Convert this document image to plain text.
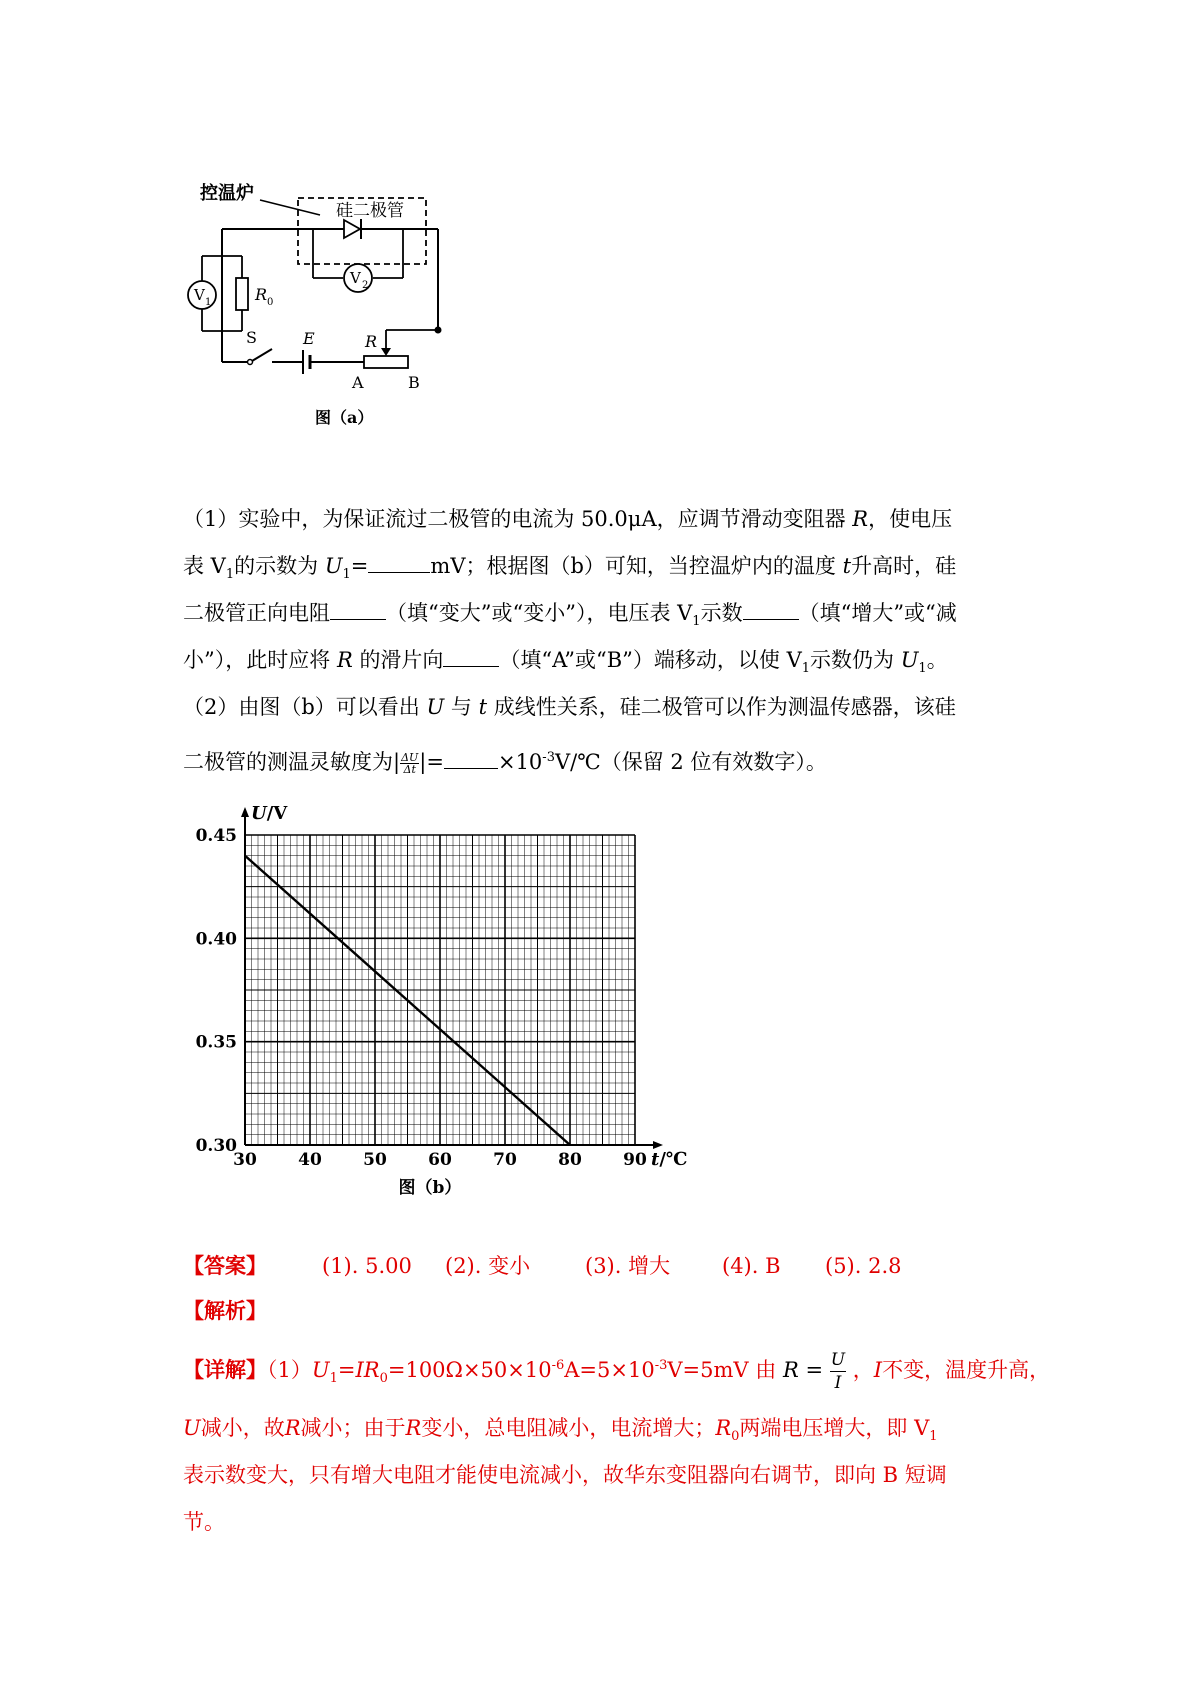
控温炉
硅二极管
V 2
V 1	R 0
S	E	R
A	B
图（a）
（1）实验中，为保证流过二极管的电流为 50.0μA，应调节滑动变阻器 R，使电压
表 $V_1$的示数为 $U_1=$	mV；根据图（b）可知，当控温炉内的温度 t升高时，硅
二极管正向电阻	（填“变大”或“变小”），电压表 $V_1$示数	（填“增大”或“减
小”），此时应将 R 的滑片向	（填“A”或“B”）端移动，以使 $V_1$示数仍为 $U_1$。
（2）由图（b）可以看出 U 与 t 成线性关系，硅二极管可以作为测温传感器，该硅
二极管的测温灵敏度为| $\frac{\Delta U}{\Delta t}$ |=	$\times 10^{-3}V/℃$（保留 2 位有效数字）。
30 40 50 60 70 80 90
0.30
0.35
0.40
0.45
U/V
t/℃
图（b）
【答案】	(1). 5.00 (2). 变小	(3). 增大 (4). B (5). 2.8
【解析】
【详解】$(1)U_1=IR_0=100\Omega\times 50\times 10^{-6}A=5\times 10^{-3}V=5mV$ 由 $R = \frac{U}{I}$ ，I不变，温度升高，
U减小，故R减小；由于R变小，总电阻减小，电流增大；$R_0$两端电压增大，即 $V_1$
表示数变大，只有增大电阻才能使电流减小，故华东变阻器向右调节，即向 B 短调
节。
